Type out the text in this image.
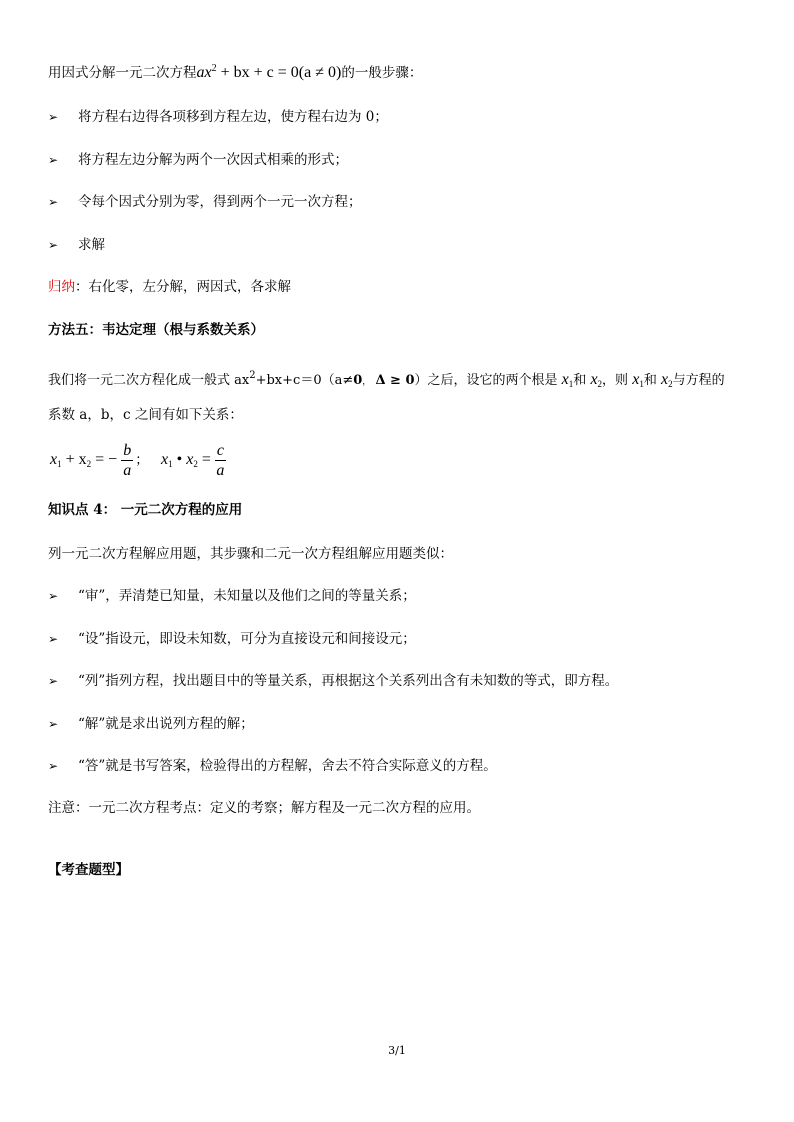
用因式分解一元二次方程$ax^2$ + bx + c = 0(a ≠ 0)的一般步骤：
➢ 将方程右边得各项移到方程左边，使方程右边为 0；
➢ 将方程左边分解为两个一次因式相乘的形式；
➢ 令每个因式分别为零，得到两个一元一次方程；
➢ 求解
归纳：右化零，左分解，两因式，各求解
方法五：韦达定理（根与系数关系）
我们将一元二次方程化成一般式 $ax^2+bx+c=0(a\ne 0$， Δ ≥ 0）之后，设它的两个根是 $x_1$和 $x_2$，则 $x_1$和 $x_2$与方程的
系数 a，b，c 之间有如下关系：
$x_1 + x_2$ = − $\frac{b}{a}$ ； $x_1$ • $x_2 = \frac{c}{a}$
知识点 4： 一元二次方程的应用
列一元二次方程解应用题，其步骤和二元一次方程组解应用题类似：
➢ “审”，弄清楚已知量，未知量以及他们之间的等量关系；
➢ “设”指设元，即设未知数，可分为直接设元和间接设元；
➢ “列”指列方程，找出题目中的等量关系，再根据这个关系列出含有未知数的等式，即方程。
➢ “解”就是求出说列方程的解；
➢ “答”就是书写答案，检验得出的方程解，舍去不符合实际意义的方程。
注意：一元二次方程考点：定义的考察；解方程及一元二次方程的应用。
【考查题型】
3/1
